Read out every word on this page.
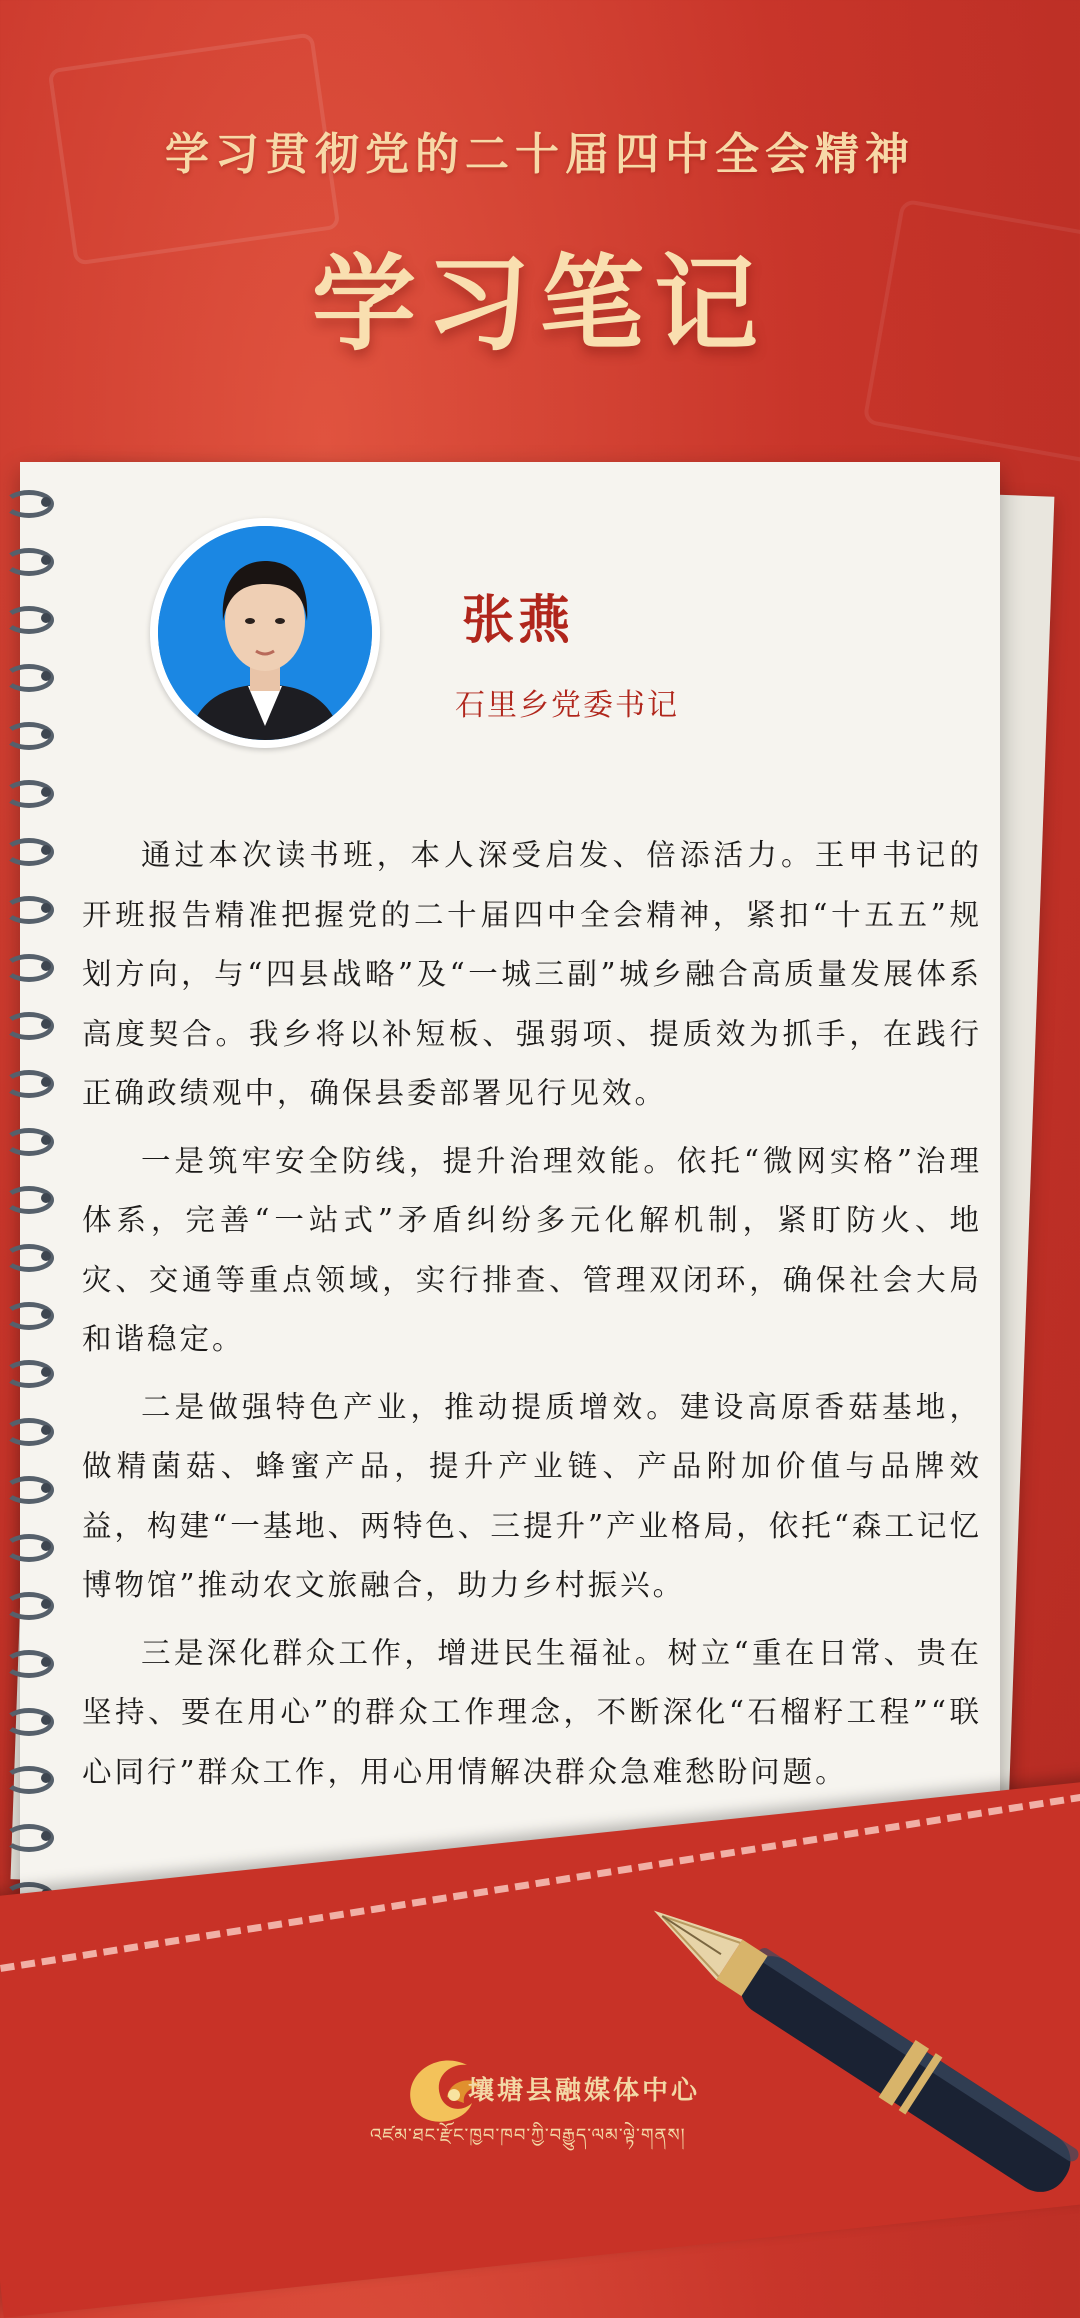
学习贯彻党的二十届四中全会精神
学习笔记
张燕
石里乡党委书记

通过本次读书班，本人深受启发、倍添活力。王甲书记的开班报告精准把握党的二十届四中全会精神，紧扣“十五五”规划方向，与“四县战略”及“一城三副”城乡融合高质量发展体系高度契合。我乡将以补短板、强弱项、提质效为抓手，在践行正确政绩观中，确保县委部署见行见效。

一是筑牢安全防线，提升治理效能。依托“微网实格”治理体系，完善“一站式”矛盾纠纷多元化解机制，紧盯防火、地灾、交通等重点领域，实行排查、管理双闭环，确保社会大局和谐稳定。

二是做强特色产业，推动提质增效。建设高原香菇基地，做精菌菇、蜂蜜产品，提升产业链、产品附加价值与品牌效益，构建“一基地、两特色、三提升”产业格局，依托“森工记忆博物馆”推动农文旅融合，助力乡村振兴。

三是深化群众工作，增进民生福祉。树立“重在日常、贵在坚持、要在用心”的群众工作理念，不断深化“石榴籽工程”“联心同行”群众工作，用心用情解决群众急难愁盼问题。

壤塘县融媒体中心
འཛམ་ཐང་རྫོང་ཁྱབ་ཁབ་ཀྱི་བརྒྱུད་ལམ་ལྟེ་གནས།
